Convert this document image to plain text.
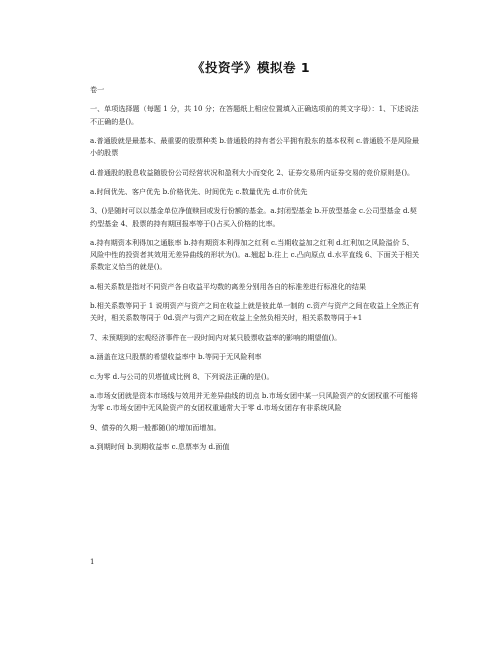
《投资学》模拟卷 1

卷一

一、单项选择题（每题 1 分，共 10 分；在答题纸上相应位置填入正确选项前的英文字母）：1、下述说法不正确的是()。

a.普通股就是最基本、最重要的股票种类 b.普通股的持有者公平拥有股东的基本权利 c.普通股不是风险最小的股票

d.普通股的股息收益随股份公司经营状况和盈利大小而变化 2、证券交易所内证券交易的竞价原则是()。

a.时间优先、客户优先 b.价格优先、时间优先 c.数量优先 d.市价优先

3、()是随时可以以基金单位净值赎回或发行份额的基金。a.封闭型基金 b.开放型基金 c.公司型基金 d.契约型基金 4、股票的持有期回报率等于()占买入价格的比率。

a.持有期资本利得加之通胀率 b.持有期资本利得加之红利 c.当期收益加之红利 d.红利加之风险溢价 5、风险中性的投资者其效用无差异曲线的形状为()。a.翘起 b.往上 c.凸向原点 d.水平直线 6、下面关于相关系数定义恰当的就是()。

a.相关系数是指对不同资产各自收益平均数的离差分别用各自的标准差进行标准化的结果

b.相关系数等同于 1 说明资产与资产之间在收益上就是彼此单一制的 c.资产与资产之间在收益上全然正有关时，相关系数等同于 0d.资产与资产之间在收益上全然负相关时，相关系数等同于+1

7、未预期到的宏观经济事件在一段时间内对某只股票收益率的影响的期望值()。

a.涵盖在这只股票的希望收益率中 b.等同于无风险利率

c.为零 d.与公司的贝塔值成比例 8、下列说法正确的是()。

a.市场女团就是资本市场线与效用并无差异曲线的切点 b.市场女团中某一只风险资产的女团权重不可能将为零 c.市场女团中无风险资产的女团权重通常大于零 d.市场女团存有非系统风险

9、债券的久期一般都随()的增加而增加。

a.到期时间 b.到期收益率 c.息票率为 d.面值

1
